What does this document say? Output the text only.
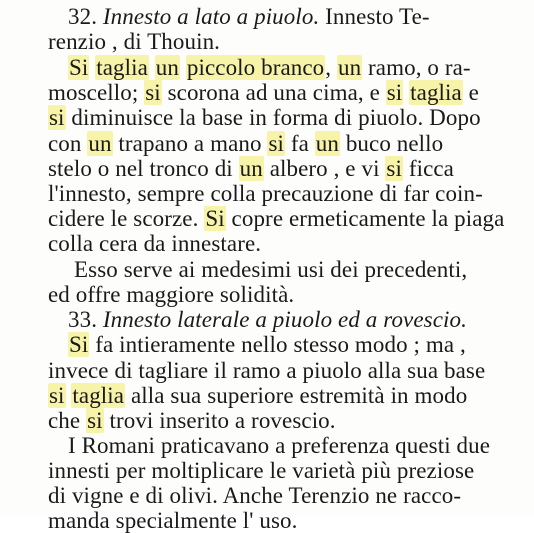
32. Innesto a lato a piuolo. Innesto Te-
renzio , di Thouin.
Si taglia un piccolo branco, un ramo, o ra-
moscello; si scorona ad una cima, e si taglia e
si diminuisce la base in forma di piuolo. Dopo
con un trapano a mano si fa un buco nello
stelo o nel tronco di un albero , e vi si ficca
l'innesto, sempre colla precauzione di far coin-
cidere le scorze. Si copre ermeticamente la piaga
colla cera da innestare.
Esso serve ai medesimi usi dei precedenti,
ed offre maggiore solidità.
33. Innesto laterale a piuolo ed a rovescio.
Si fa intieramente nello stesso modo ; ma ,
invece di tagliare il ramo a piuolo alla sua base
si taglia alla sua superiore estremità in modo
che si trovi inserito a rovescio.
I Romani praticavano a preferenza questi due
innesti per moltiplicare le varietà più preziose
di vigne e di olivi. Anche Terenzio ne racco-
manda specialmente l' uso.
